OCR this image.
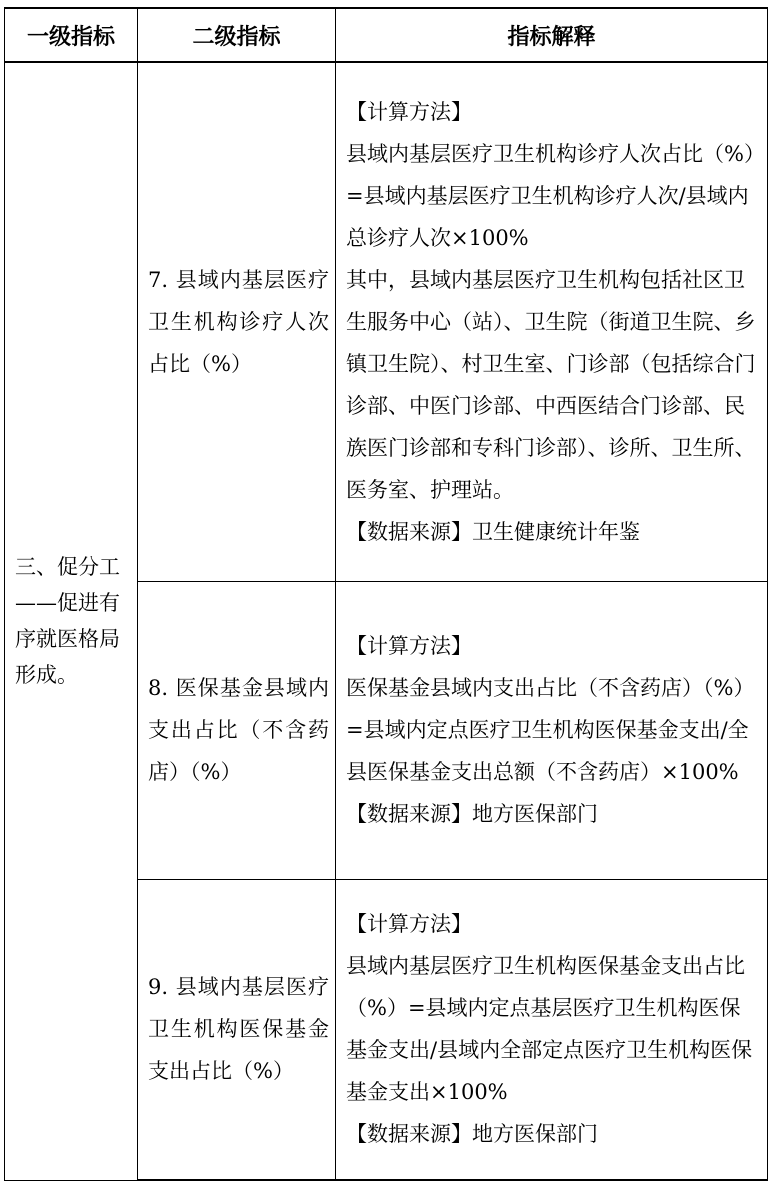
一级指标	二级指标	指标解释
三、促分工——促进有序就医格局形成。	7. 县域内基层医疗卫生机构诊疗人次占比（%）	【计算方法】

县域内基层医疗卫生机构诊疗人次占比（%）=县域内基层医疗卫生机构诊疗人次/县域内总诊疗人次×100%

其中，县域内基层医疗卫生机构包括社区卫生服务中心（站）、卫生院（街道卫生院、乡镇卫生院）、村卫生室、门诊部（包括综合门诊部、中医门诊部、中西医结合门诊部、民族医门诊部和专科门诊部）、诊所、卫生所、医务室、护理站。

【数据来源】卫生健康统计年鉴

	8. 医保基金县域内支出占比（不含药店）（%）	【计算方法】

医保基金县域内支出占比（不含药店）（%）=县域内定点医疗卫生机构医保基金支出/全县医保基金支出总额（不含药店）×100%

【数据来源】地方医保部门

	9. 县域内基层医疗卫生机构医保基金支出占比（%）	【计算方法】

县域内基层医疗卫生机构医保基金支出占比（%）=县域内定点基层医疗卫生机构医保基金支出/县域内全部定点医疗卫生机构医保基金支出×100%

【数据来源】地方医保部门
